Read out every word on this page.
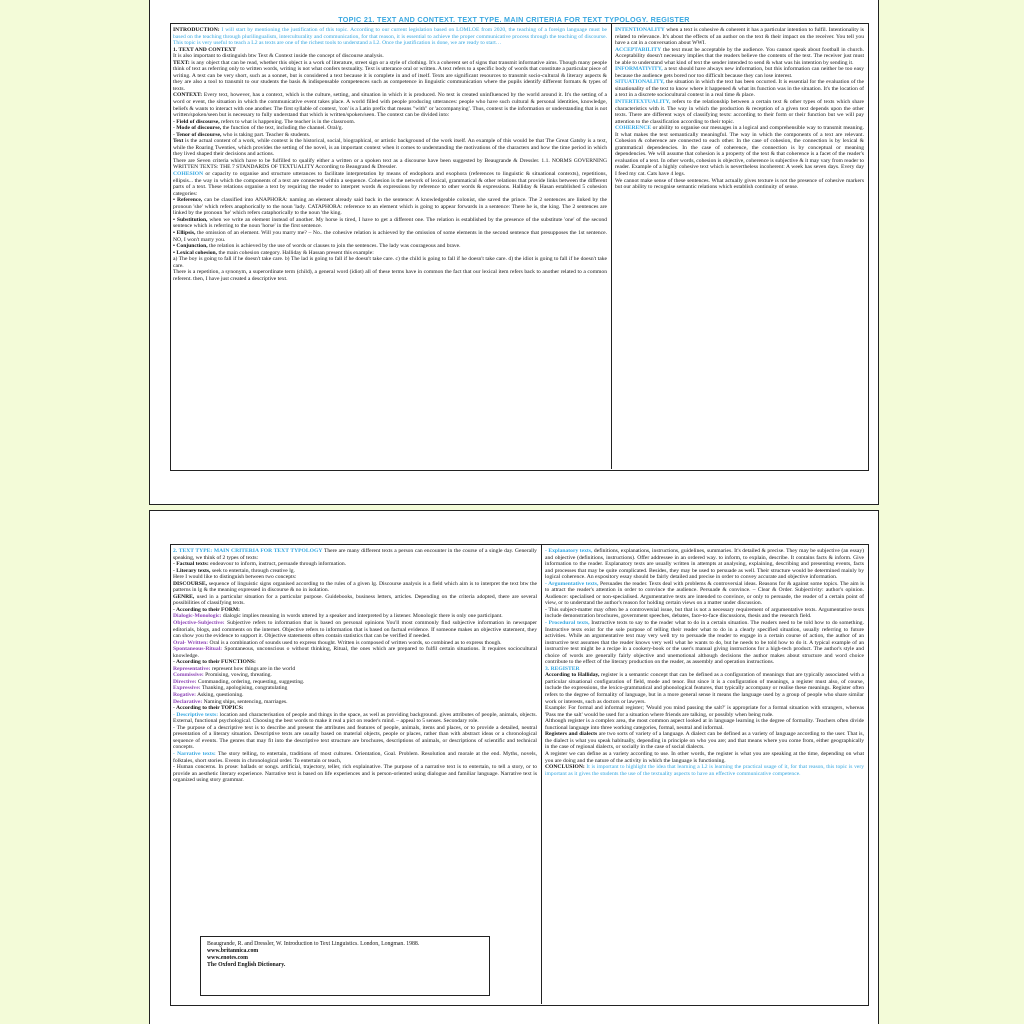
TOPIC 21. TEXT AND CONTEXT. TEXT TYPE. MAIN CRITERIA FOR TEXT TYPOLOGY. REGISTER

INTRODUCTION: I will start by mentioning the justification of this topic. According to our current legislation based on LOMLOE from 2020, the teaching of a foreign language must be based on the teaching through plurilingualism, interculturality and communication, for that reason, it is essential to achieve the proper communicative process through the teaching of discourse. This topic is very useful to teach a L2 as texts are one of the richest tools to understand a L2. Once the justification is done, we are ready to start…

1. TEXT AND CONTEXT

It is also important to distinguish btw Text & Context inside the concept of discourse analysis.

TEXT: is any object that can be read, whether this object is a work of literature, street sign or a style of clothing. It's a coherent set of signs that transmit informative aims. Though many people think of text as referring only to written words, writing is not what confers textuality. Text is utterance oral or written. A text refers to a specific body of words that constitute a particular piece of writing. A text can be very short, such as a sonnet, but is considered a text because it is complete in and of itself. Texts are significant resources to transmit socio-cultural & literary aspects & they are also a tool to transmit to our students the basis & indispensable competences such as competence in linguistic communication where the pupils identify different formats & types of texts.

CONTEXT: Every text, however, has a context, which is the culture, setting, and situation in which it is produced. No text is created uninfluenced by the world around it. It's the setting of a word or event, the situation in which the communicative event takes place. A world filled with people producing utterances: people who have such cultural & personal identities, knowledge, beliefs & wants to interact with one another. The first syllable of context, 'con' is a Latin prefix that means "with" or 'accompanying'. Thus, context is the information or understanding that is not written/spoken/seen but is necessary to fully understand that which is written/spoken/seen. The context can be divided into:

- Field of discourse, refers to what is happening. The teacher is in the classroom.

- Mode of discourse, the function of the text, including the channel. Oral/g.

- Tenor of discourse, who is taking part. Teacher & students.

Text is the actual content of a work, while context is the historical, social, biographical, or artistic background of the work itself. An example of this would be that The Great Gatsby is a text, while the Roaring Twenties, which provides the setting of the novel, is an important context when it comes to understanding the motivations of the characters and how the time period in which they lived shaped their decisions and actions.

There are Seven criteria which have to be fulfilled to qualify either a written or a spoken text as a discourse have been suggested by Beaugrande & Dressler. 1.1. NORMS GOVERNING WRITTEN TEXTS: THE 7 STANDARDS OF TEXTUALITY According to Beaugrand & Dressler.

COHESION or capacity to organise and structure utterances to facilitate interpretation by means of endophora and exophora (references to linguistic & situational contexts), repetitions, ellipsis... the way in which the components of a text are connected within a sequence. Cohesion is the network of lexical, grammatical & other relations that provide links between the different parts of a text. These relations organise a text by requiring the reader to interpret words & expressions by reference to other words & expressions. Halliday & Hasan established 5 cohesion categories:

• Reference, can be classified into ANAPHORA: naming an element already said back in the sentence: A knowledgeable colonist, she saved the prince. The 2 sentences are linked by the pronoun 'she' which refers anaphorically to the noun 'lady. CATAPHORA: reference to an element which is going to appear forwards in a sentence: There he is, the king. The 2 sentences are linked by the pronoun 'he' which refers cataphorically to the noun 'the king.

• Substitution, when we write an element instead of another. My horse is tired, I have to get a different one. The relation is established by the presence of the substitute 'one' of the second sentence which is referring to the noun 'horse' in the first sentence.

• Ellipsis, the omission of an element. Will you marry me? – No.. the cohesive relation is achieved by the omission of some elements in the second sentence that presupposes the 1st sentence. NO, I won't marry you.

• Conjunction, the relation is achieved by the use of words or clauses to join the sentences. The lady was courageous and brave.

• Lexical cohesion, the main cohesion category. Halliday & Hassan present this example:

a) The boy is going to fall if he doesn't take care. b) The lad is going to fall if he doesn't take care. c) the child is going to fall if he doesn't take care. d) the idiot is going to fall if he doesn't take care.

There is a repetition, a synonym, a superordinate term (child), a general word (idiot) all of these terms have in common the fact that our lexical item refers back to another related to a common referent. then, I have just created a descriptive text.

INTENTIONALITY when a text is cohesive & coherent it has a particular intention to fulfil. Intentionality is related to relevance. It's about the effects of an author on the text & their impact on the receiver. You tell you have a cat in a conversation about WWI.

ACCEPTABILITY the text must be acceptable by the audience. You cannot speak about football in church. Acceptability doesn't necessary implies that the readers believe the contents of the text. The receiver just must be able to understand what kind of text the sender intended to send & what was his intention by sending it.

INFORMATIVITY, a text should have always new information, but this information can neither be too easy because the audience gets bored nor too difficult because they can lose interest.

SITUATIONALITY, the situation in which the text has been occurred. It is essential for the evaluation of the situationality of the text to know where it happened & what its function was in the situation. It's the location of a text in a discrete sociocultural context in a real time & place.

INTERTEXTUALITY, refers to the relationship between a certain text & other types of texts which share characteristics with it. The way in which the production & reception of a given text depends upon the other texts. There are different ways of classifying texts: according to their form or their function but we will pay attention to the classification according to their topic.

COHERENCE or ability to organise our messages in a logical and comprehensible way to transmit meaning. It what makes the text semantically meaningful. The way in which the components of a text are relevant. Cohesion & coherence are connected to each other. In the case of cohesion, the connection is by lexical & grammatical dependencies. In the case of coherence, the connection is by conceptual or meaning dependencies. We will assume that cohesion is a property of the text & that coherence is a facet of the reader's evaluation of a text. In other words, cohesion is objective, coherence is subjective & it may vary from reader to reader. Example of a highly cohesive text which is nevertheless incoherent: A week has seven days. Every day I feed my cat. Cats have 4 legs.

We cannot make sense of these sentences. What actually gives texture is not the presence of cohesive markers but our ability to recognise semantic relations which establish continuity of sense.

2. TEXT TYPE: MAIN CRITERIA FOR TEXT TYPOLOGY There are many different texts a person can encounter in the course of a single day. Generally speaking, we think of 2 types of texts:

- Factual texts: endeavour to inform, instruct, persuade through information.

- Literary texts, seek to entertain, through creative lg.

Here I would like to distinguish between two concepts:

DISCOURSE, sequence of linguistic signs organised according to the rules of a given lg. Discourse analysis is a field which aim is to interpret the text btw the patterns in lg & the meaning expressed in discourse & no in isolation.

GENRE, used in a particular situation for a particular purpose. Guidebooks, business letters, articles. Depending on the criteria adopted, there are several possibilities of classifying texts.

- According to their FORM:

Dialogic-Monologic: dialogic implies meaning in words uttered by a speaker and interpreted by a listener. Monologic there is only one participant.

Objective-Subjective: Subjective refers to information that is based on personal opinions You'll most commonly find subjective information in newspaper editorials, blogs, and comments on the internet. Objective refers to information that is based on factual evidence. If someone makes an objective statement, they can show you the evidence to support it. Objective statements often contain statistics that can be verified if needed.

Oral- Written: Oral is a combination of sounds used to express thought. Written is composed of written words, so combined as to express though.

Spontaneous-Ritual: Spontaneous, unconscious o without thinking, Ritual, the ones which are prepared to fulfil certain situations. It requires sociocultural knowledge.

- According to their FUNCTIONS:

Representative: represent how things are in the world

Commissive: Promising, vowing, threating.

Directive: Commanding, ordering, requesting, suggesting.

Expressive: Thanking, apologising, congratulating

Rogative: Asking, questioning.

Declarative: Naming ships, sentencing, marriages.

- According to their TOPICS:

- Descriptive texts: location and characterisation of people and things in the space, as well as providing background. gives attributes of people, animals, objects. External, functional psychological. Choosing the best words to make it real a pict on reader's mind. – appeal to 5 senses. Secondary role.

- The purpose of a descriptive text is to describe and present the attributes and features of people, animals, items and places, or to provide a detailed, neutral presentation of a literary situation. Descriptive texts are usually based on material objects, people or places, rather than with abstract ideas or a chronological sequence of events. The genres that may fit into the descriptive text structure are brochures, descriptions of animals, or descriptions of scientific and technical concepts.

- Narrative texts: The story telling, to entertain, traditions of most cultures. Orientation, Goal. Problem. Resolution and morale at the end. Myths, novels, folktales, short stories. Events in chronological order. To entertain or teach,

- Human concerns. In prose: ballads or songs. artificial, trajectory, teller, rich explainative. The purpose of a narrative text is to entertain, to tell a story, or to provide an aesthetic literary experience. Narrative text is based on life experiences and is person-oriented using dialogue and familiar language. Narrative text is organized using story grammar.

Beaugrande, R. and Dressler, W. Introduction to Text Linguistics. London, Longman. 1988.

www.britannica.com

www.enotes.com

The Oxford English Dictionary.

- Explanatory texts, definitions, explanations, instructions, guidelines, summaries. It's detailed & precise. They may be subjective (an essay) and objective (definitions, instructions). Offer addressee in an ordered way. to inform, to explain, describe. It contains facts & inform. Give information to the reader. Explanatory texts are usually written in attempts at analysing, explaining, describing and presenting events, facts and processes that may be quite complicated. Besides, they may be used to persuade as well. Their structure would be determined mainly by logical coherence. An expository essay should be fairly detailed and precise in order to convey accurate and objective information.

- Argumentative texts, Persuades the reader. Texts deal with problems & controversial ideas. Reasons for & against some topics. The aim is to attract the reader's attention in order to convince the audience. Persuade & convince. – Clear & Order. Subjectivity: author's opinion. Audience: specialised or non-specialised. Argumentative texts are intended to convince, or only to persuade, the reader of a certain point of view, or to understand the author's reason for holding certain views on a matter under discussion.

- This subject-matter may often be a controversial issue, but that is not a necessary requirement of argumentative texts. Argumentative texts include demonstration brochures, government speeches, debates, face-to-face discussions, thesis and the research field.

- Procedural texts, Instructive texts to say to the reader what to do in a certain situation. The readers need to be told how to do something. Instructive texts exist for the sole purpose of telling their reader what to do in a clearly specified situation, usually referring to future activities. While an argumentative text may very well try to persuade the reader to engage in a certain course of action, the author of an instructive text assumes that the reader knows very well what he wants to do, but he needs to be told how to do it. A typical example of an instructive text might be a recipe in a cookery-book or the user's manual giving instructions for a high-tech product. The author's style and choice of words are generally fairly objective and unemotional although decisions the author makes about structure and word choice contribute to the effect of the literary production on the reader, as assembly and operation instructions.

3. REGISTER

According to Halliday, register is a semantic concept that can be defined as a configuration of meanings that are typically associated with a particular situational configuration of field, mode and tenor. But since it is a configuration of meanings, a register must also, of course, include the expressions, the lexico-grammatical and phonological features, that typically accompany or realise these meanings. Register often refers to the degree of formality of language, but in a more general sense it means the language used by a group of people who share similar work or interests, such as doctors or lawyers.

Example: For formal and informal register; 'Would you mind passing the salt?' is appropriate for a formal situation with strangers, whereas 'Pass me the salt' would be used for a situation where friends are talking, or possibly when being rude.

Although register is a complex area, the most common aspect looked at in language learning is the degree of formality. Teachers often divide functional language into three working categories, formal, neutral and informal.

Registers and dialects are two sorts of variety of a language. A dialect can be defined as a variety of language according to the user. That is, the dialect is what you speak habitually, depending in principle on who you are; and that means where you come from, either geographically in the case of regional dialects, or socially in the case of social dialects.

A register we can define as a variety according to use. In other words, the register is what you are speaking at the time, depending on what you are doing and the nature of the activity in which the language is functioning.

CONCLUSION: It is important to highlight the idea that learning a L2 is learning the practical usage of it, for that reason, this topic is very important as it gives the students the use of the textuality aspects to have an effective communicative competence.
